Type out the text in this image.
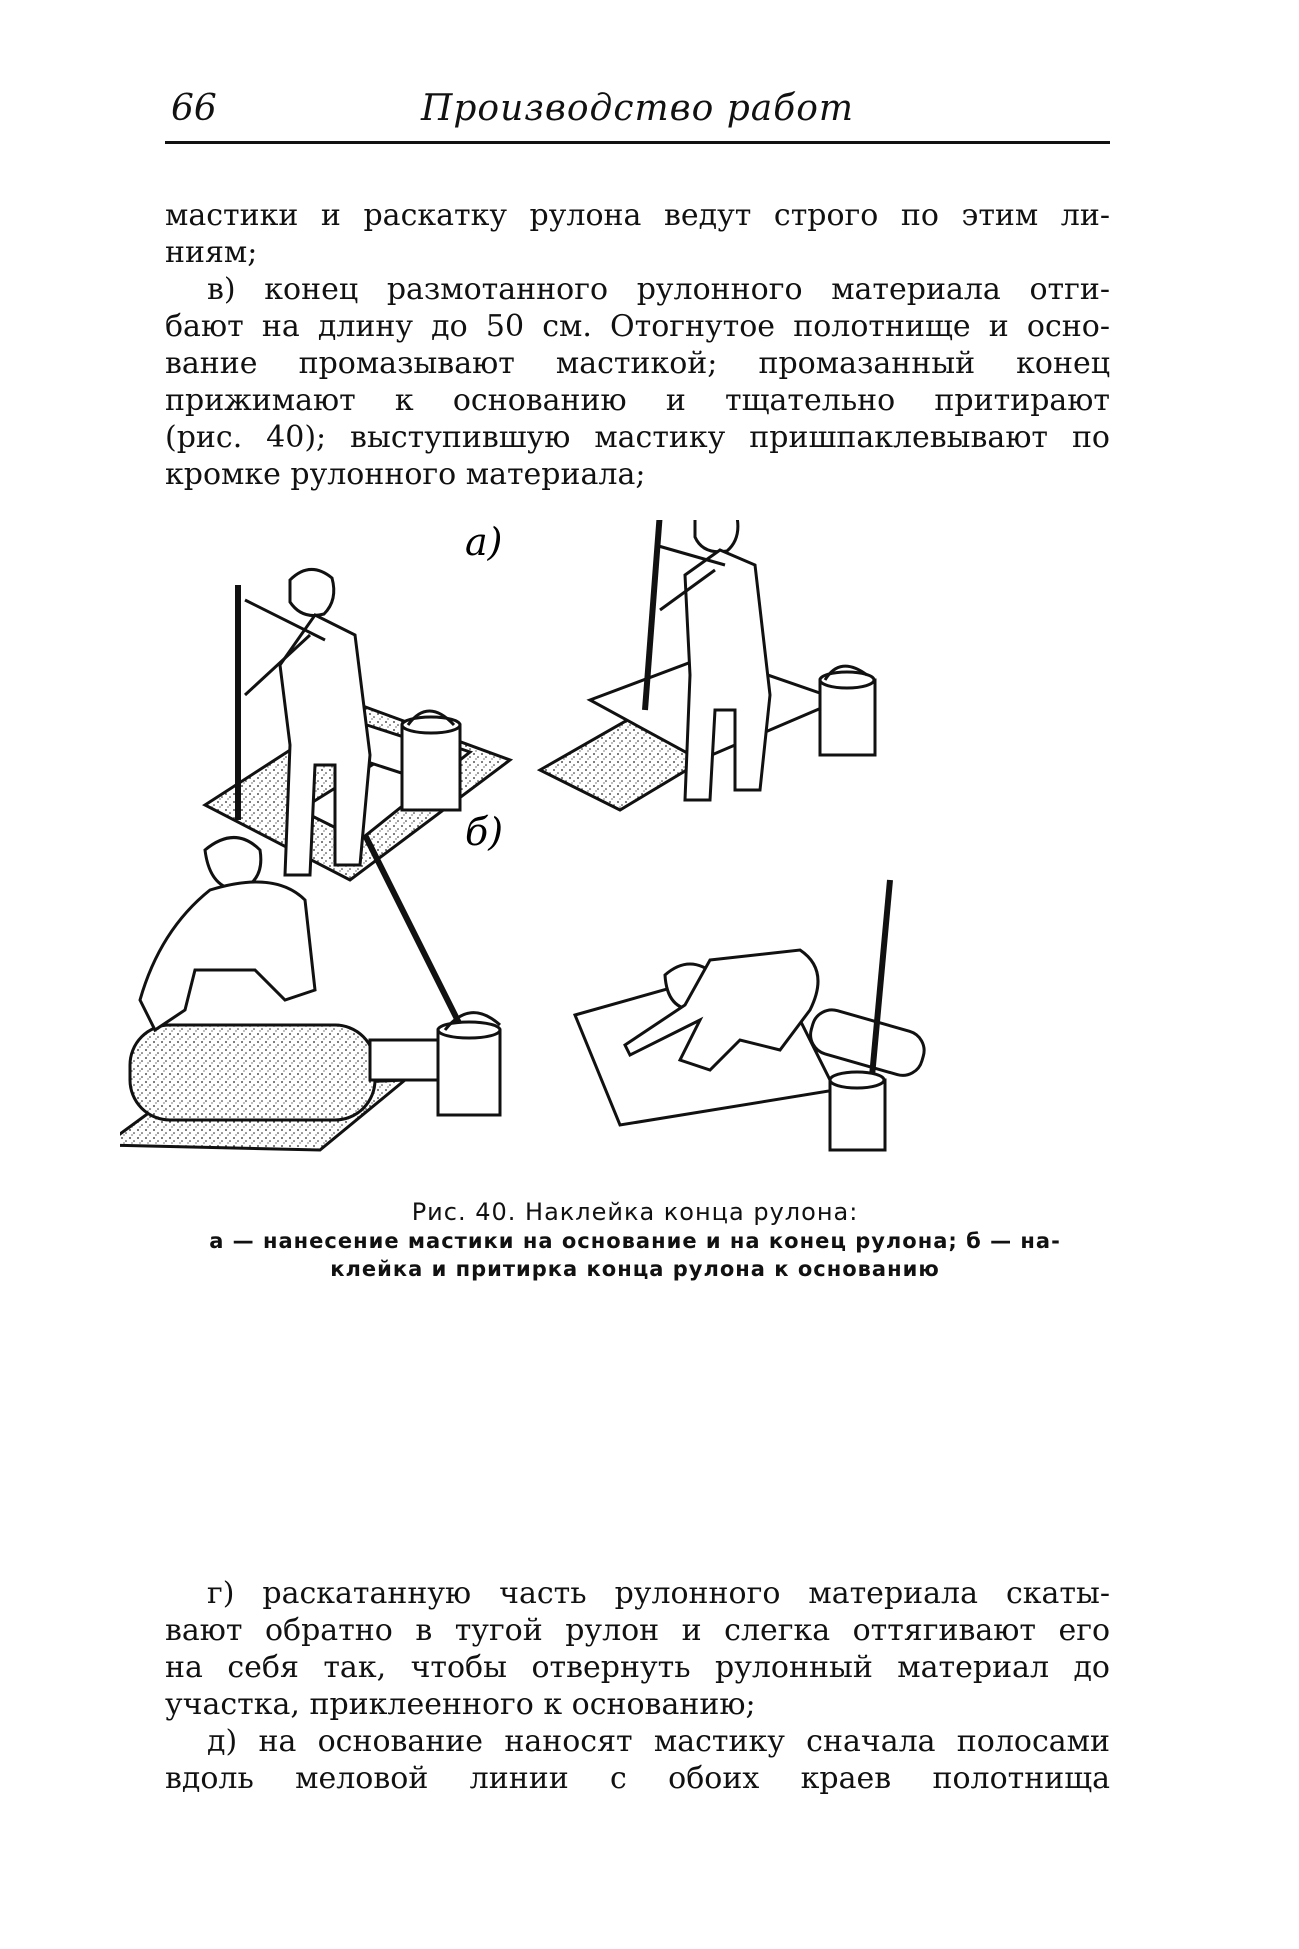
66	Производство работ

мастики и раскатку рулона ведут строго по этим ли-

ниям;

в) конец размотанного рулонного материала отги-

бают на длину до 50 см. Отогнутое полотнище и осно-

вание промазывают мастикой; промазанный конец

прижимают к основанию и тщательно притирают

(рис. 40); выступившую мастику пришпаклевывают по

кромке рулонного материала;

а)
б)

Рис. 40. Наклейка конца рулона:

а — нанесение мастики на основание и на конец рулона; б — на-

клейка и притирка конца рулона к основанию

г) раскатанную часть рулонного материала скаты-

вают обратно в тугой рулон и слегка оттягивают его

на себя так, чтобы отвернуть рулонный материал до

участка, приклеенного к основанию;

д) на основание наносят мастику сначала полосами

вдоль меловой линии с обоих краев полотнища
